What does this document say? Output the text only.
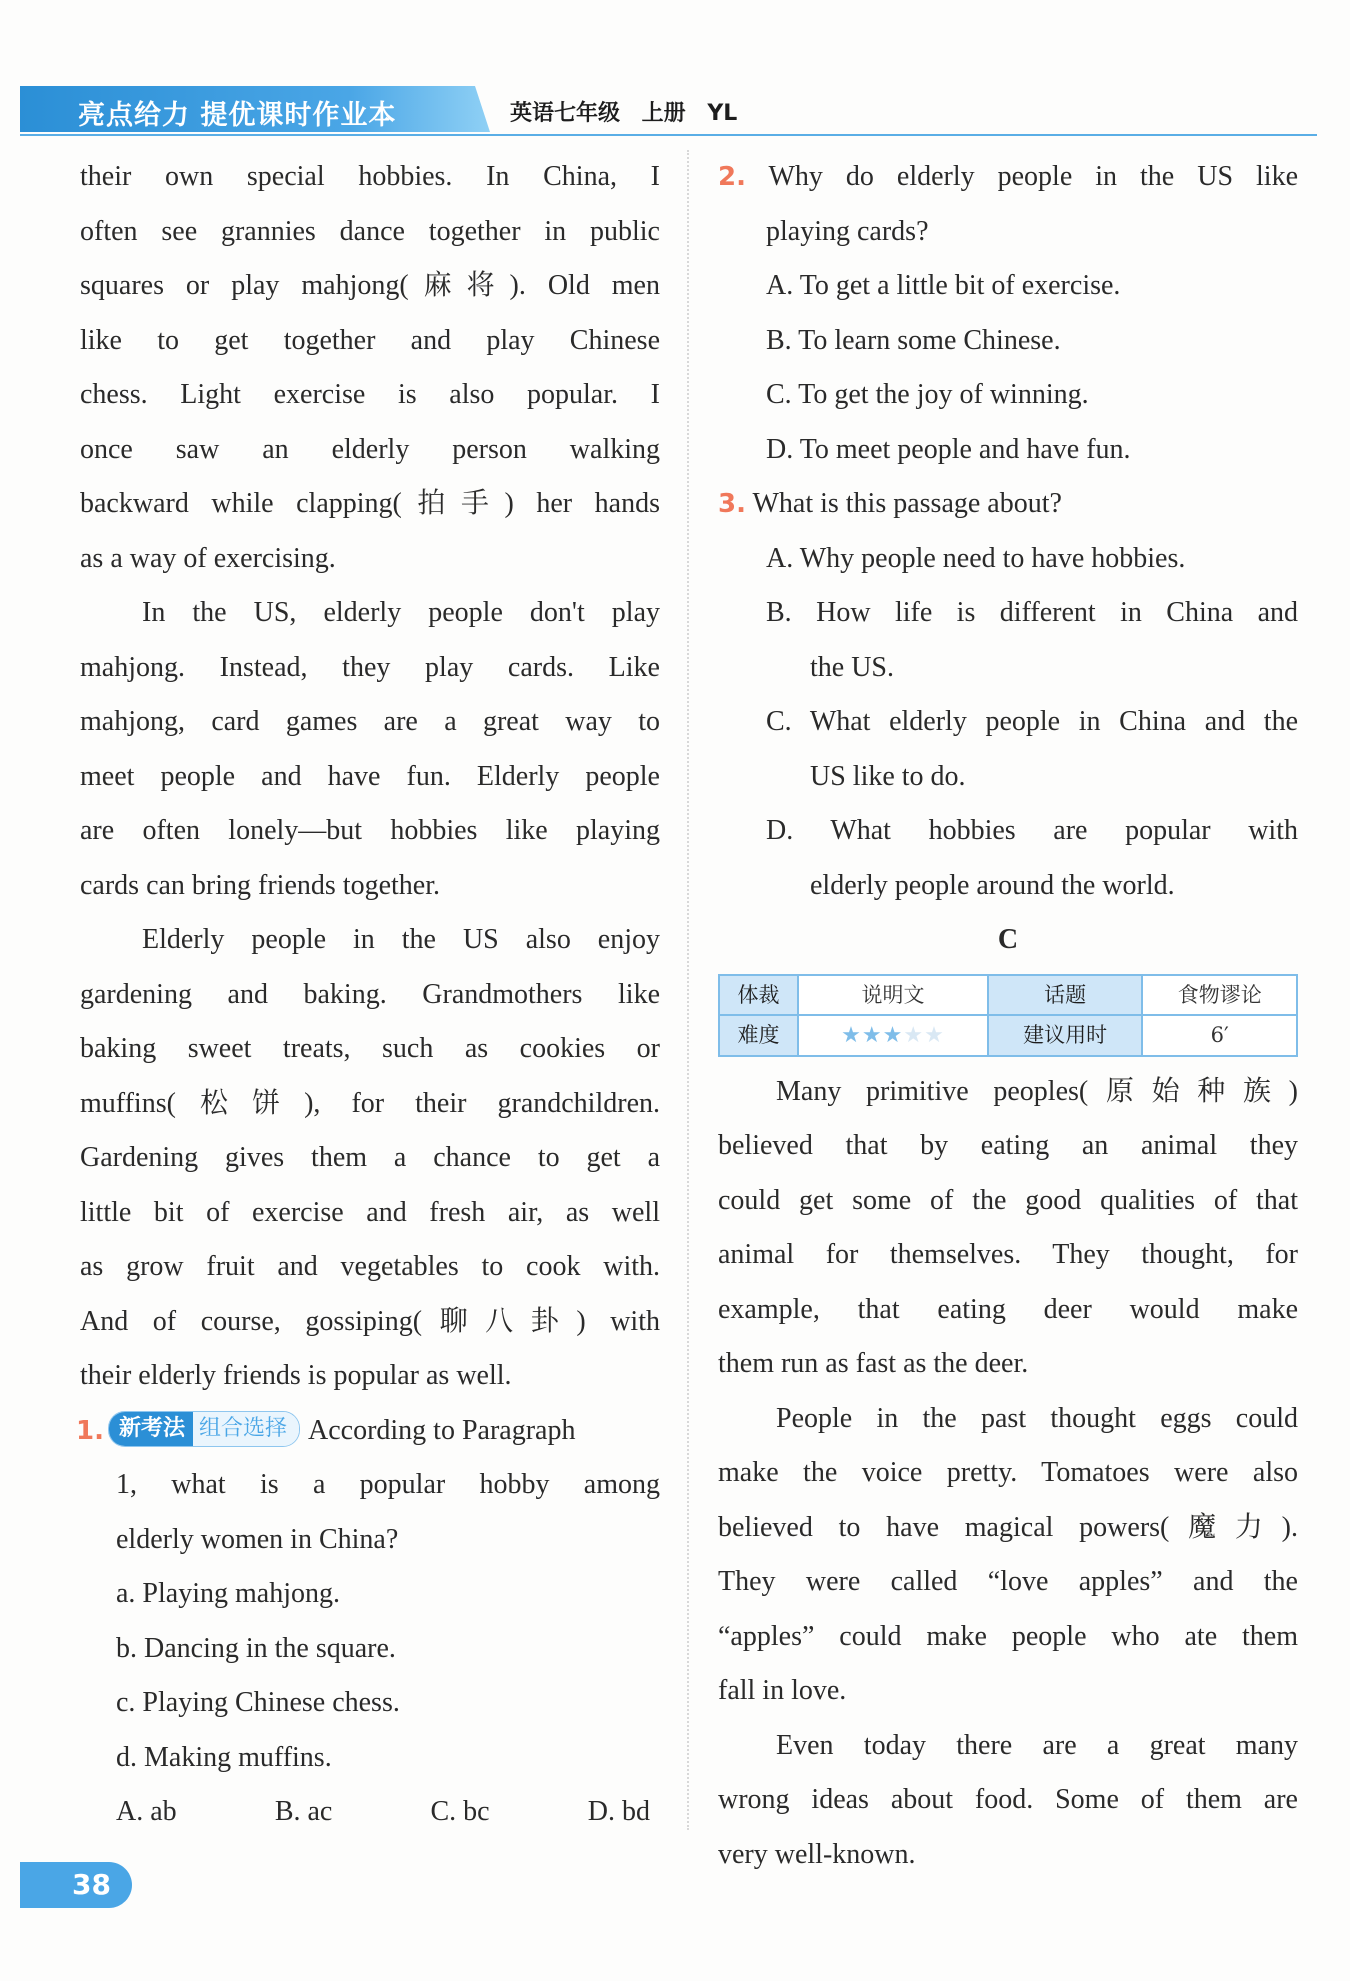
亮点给力 提优课时作业本	英语七年级 上册 YL
their own special hobbies. In China, I
often see grannies dance together in public
squares or play mahjong(麻将). Old men
like to get together and play Chinese
chess. Light exercise is also popular. I
once saw an elderly person walking
backward while clapping(拍手) her hands
as a way of exercising.
In the US, elderly people don't play
mahjong. Instead, they play cards. Like
mahjong, card games are a great way to
meet people and have fun. Elderly people
are often lonely—but hobbies like playing
cards can bring friends together.
Elderly people in the US also enjoy
gardening and baking. Grandmothers like
baking sweet treats, such as cookies or
muffins(松饼), for their grandchildren.
Gardening gives them a chance to get a
little bit of exercise and fresh air, as well
as grow fruit and vegetables to cook with.
And of course, gossiping(聊八卦) with
their elderly friends is popular as well.
1. 新考法 组合选择 According to Paragraph
1, what is a popular hobby among
elderly women in China?
a. Playing mahjong.
b. Dancing in the square.
c. Playing Chinese chess.
d. Making muffins.
A. ab	B. ac	C. bc	D. bd
2. Why do elderly people in the US like
playing cards?
A. To get a little bit of exercise.
B. To learn some Chinese.
C. To get the joy of winning.
D. To meet people and have fun.
3. What is this passage about?
A. Why people need to have hobbies.
B. How life is different in China and
the US.
C. What elderly people in China and the
US like to do.
D. What hobbies are popular with
elderly people around the world.
C
体裁	说明文	话题	食物谬论
难度	★★★★★	建议用时	6′
Many primitive peoples(原始种族)
believed that by eating an animal they
could get some of the good qualities of that
animal for themselves. They thought, for
example, that eating deer would make
them run as fast as the deer.
People in the past thought eggs could
make the voice pretty. Tomatoes were also
believed to have magical powers(魔力).
They were called “love apples” and the
“apples” could make people who ate them
fall in love.
Even today there are a great many
wrong ideas about food. Some of them are
very well-known.
38
